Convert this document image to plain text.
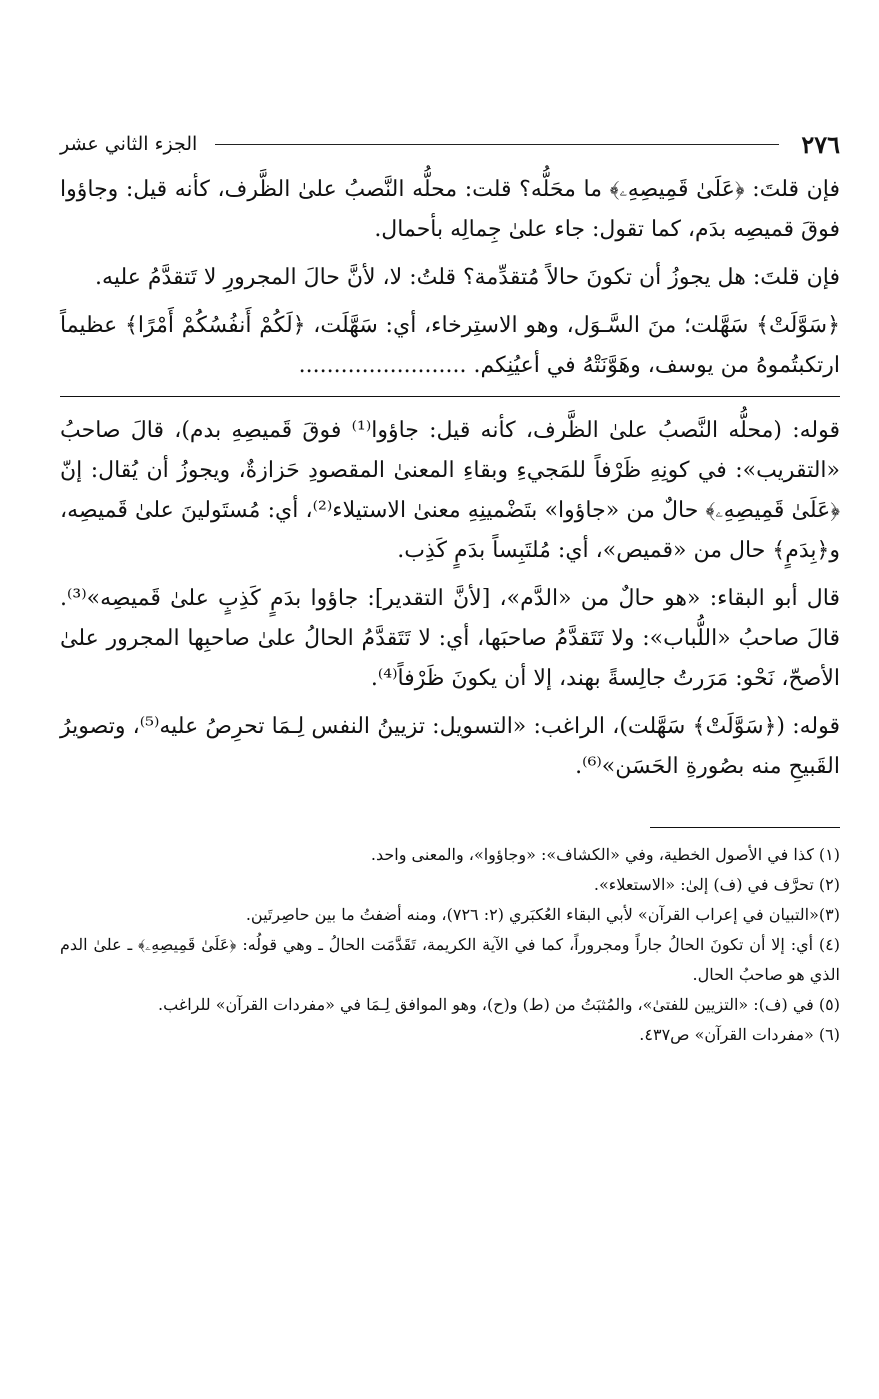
٢٧٦
الجزء الثاني عشر

فإن قلتَ: ﴿عَلَىٰ قَمِيصِهِۦ﴾ ما محَلُّه؟ قلت: محلُّه النَّصبُ علىٰ الظَّرف، كأنه قيل: وجاؤوا فوقَ قميصِه بدَم، كما تقول: جاء علىٰ جِمالِه بأحمال.

فإن قلتَ: هل يجوزُ أن تكونَ حالاً مُتقدِّمة؟ قلتُ: لا، لأنَّ حالَ المجرورِ لا تَتقدَّمُ عليه.

﴿سَوَّلَتْ﴾ سَهَّلت؛ منَ السَّـوَل، وهو الاستِرخاء، أي: سَهَّلَت، ﴿لَكُمْ أَنفُسُكُمْ أَمْرًا﴾ عظيماً ارتكبتُموهُ من يوسف، وهَوَّنَتْهُ في أعيُنِكم. ........................

قوله: (محلُّه النَّصبُ علىٰ الظَّرف، كأنه قيل: جاؤوا⁽¹⁾ فوقَ قَميصِهِ بدم)، قالَ صاحبُ «التقريب»: في كونِهِ ظَرْفاً للمَجيءِ وبقاءِ المعنىٰ المقصودِ حَزازةٌ، ويجوزُ أن يُقال: إنّ ﴿عَلَىٰ قَمِيصِهِۦ﴾ حالٌ من «جاؤوا» بتَضْمينِهِ معنىٰ الاستيلاء⁽²⁾، أي: مُستَولينَ علىٰ قَميصِه، و﴿بِدَمٍ﴾ حال من «قميص»، أي: مُلتَبِساً بدَمٍ كَذِب.

قال أبو البقاء: «هو حالٌ من «الدَّم»، [لأنَّ التقدير]: جاؤوا بدَمٍ كَذِبٍ علىٰ قَميصِه»⁽³⁾. قالَ صاحبُ «اللُّباب»: ولا تَتَقدَّمُ صاحبَها، أي: لا تَتَقدَّمُ الحالُ علىٰ صاحبِها المجرور علىٰ الأصحّ، نَحْو: مَرَرتُ جالِسةً بهند، إلا أن يكونَ ظَرْفاً⁽⁴⁾.

قوله: (﴿سَوَّلَتْ﴾ سَهَّلت)، الراغب: «التسويل: تزيينُ النفس لِـمَا تحرِصُ عليه⁽⁵⁾، وتصويرُ القَبيحِ منه بصُورةِ الحَسَن»⁽⁶⁾.

(١) كذا في الأصول الخطية، وفي «الكشاف»: «وجاؤوا»، والمعنى واحد.

(٢) تحرَّف في (ف) إلىٰ: «الاستعلاء».

(٣)«التبيان في إعراب القرآن» لأبي البقاء العُكبَري (٢: ٧٢٦)، ومنه أضفتُ ما بين حاصِرتَين.

(٤) أي: إلا أن تكونَ الحالُ جاراً ومجروراً، كما في الآية الكريمة، تَقَدَّمَت الحالُ ـ وهي قولُه: ﴿عَلَىٰ قَمِيصِهِۦ﴾ ـ علىٰ الدم الذي هو صاحبُ الحال.

(٥) في (ف): «التزيين للفتىٰ»، والمُثبَتُ من (ط) و(ح)، وهو الموافق لِـمَا في «مفردات القرآن» للراغب.

(٦) «مفردات القرآن» ص٤٣٧.
